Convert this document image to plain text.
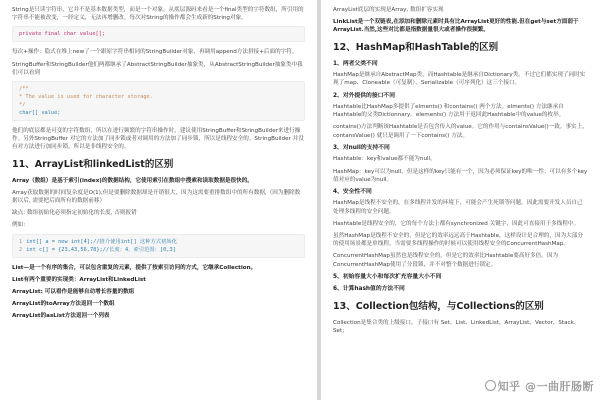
String是只读字符串，它并不是基本数据类型，而是一个对象。从底层源码来看是一个final类型的字符数组，所引用的字符串不能被改变，一经定义，无法再增删改。每次对String的操作都会生成新的String对象。

private final char value[];

每次+操作：隐式在堆上new了一个跟原字符串相同的StringBuilder对象，再调用append方法拼接+后面的字符。

StringBuffer和StringBuilder他们两都继承了AbstractStringBuilder抽象类，从AbstractStringBuilder抽象类中我们可以看到

/**
* The value is used for character storage.
*/
char[] value;

他们的底层都是可变的字符数组，所以在进行频繁的字符串操作时，建议使用StringBuffer和StringBuilder来进行操作。另外StringBuffer 对它的方法加了同步锁或者对调用的方法加了同步锁，所以是线程安全的。StringBuilder 并没有对方法进行加同步锁，所以是非线程安全的。

11、ArrayList和linkedList的区别

Array（数组）是基于索引(index)的数据结构，它使用索引在数组中搜索和读取数据是很快的。

Array获取数据的时间复杂度是O(1),但是要删除数据却是开销很大，因为这需要重排数组中的所有数据,（因为删除数据以后, 需要把后面所有的数据前移）

缺点: 数组初始化必须指定初始化的长度, 否则报错

例如:

1 int[] a = new int[4];//推介使用int[] 这种方式初始化
2 int c[] = {23,43,56,78};//长度：4，索引范围：[0,3]

List—是一个有序的集合，可以包含重复的元素，提供了按索引访问的方式，它继承Collection。

List有两个重要的实现类：ArrayList和LinkedList

ArrayList: 可以看作是能够自动增长容量的数组

ArrayList的toArray方法返回一个数组

ArrayList的asList方法返回一个列表

ArrayList底层的实现是Array, 数组扩容实现

LinkList是一个双链表,在添加和删除元素时具有比ArrayList更好的性能.但在get与set方面弱于ArrayList.当然,这些对比都是指数据量很大或者操作很频繁。

12、HashMap和HashTable的区别
1、两者父类不同

HashMap是继承自AbstractMap类，而Hashtable是继承自Dictionary类。不过它们都实现了同时实现了map、Cloneable（可复制）、Serializable（可序列化）这三个接口。

2、对外提供的接口不同

Hashtable比HashMap多提供了elments() 和contains() 两个方法。elments() 方法继承自Hashtable的父类Dictionnary。elements() 方法用于返回此Hashtable中的value的枚举。

contains()方法判断该Hashtable是否包含传入的value。它的作用与containsValue()一致。事实上，contansValue() 就只是调用了一下contains() 方法。

3、对null的支持不同

Hashtable：key和value都不能为null。

HashMap：key可以为null，但是这样的key只能有一个，因为必须保证key的唯一性；可以有多个key值对应的value为null。

4、安全性不同

HashMap是线程不安全的，在多线程并发的环境下，可能会产生死锁等问题，因此需要开发人员自己处理多线程的安全问题。

Hashtable是线程安全的，它的每个方法上都有synchronized 关键字，因此可直接用于多线程中。

虽然HashMap是线程不安全的，但是它的效率远远高于Hashtable，这样设计是合理的，因为大部分的使用场景都是单线程。当需要多线程操作的时候可以使用线程安全的ConcurrentHashMap。

ConcurrentHashMap虽然也是线程安全的，但是它的效率比Hashtable要高好多倍。因为ConcurrentHashMap使用了分段锁，并不对整个数据进行锁定。

5、初始容量大小和每次扩充容量大小不同
6、计算hash值的方法不同
13、Collection包结构，与Collections的区别

Collection是集合类的上级接口，子接口有 Set、List、LinkedList、ArrayList、Vector、Stack、Set；

知乎 @一曲肝肠断
